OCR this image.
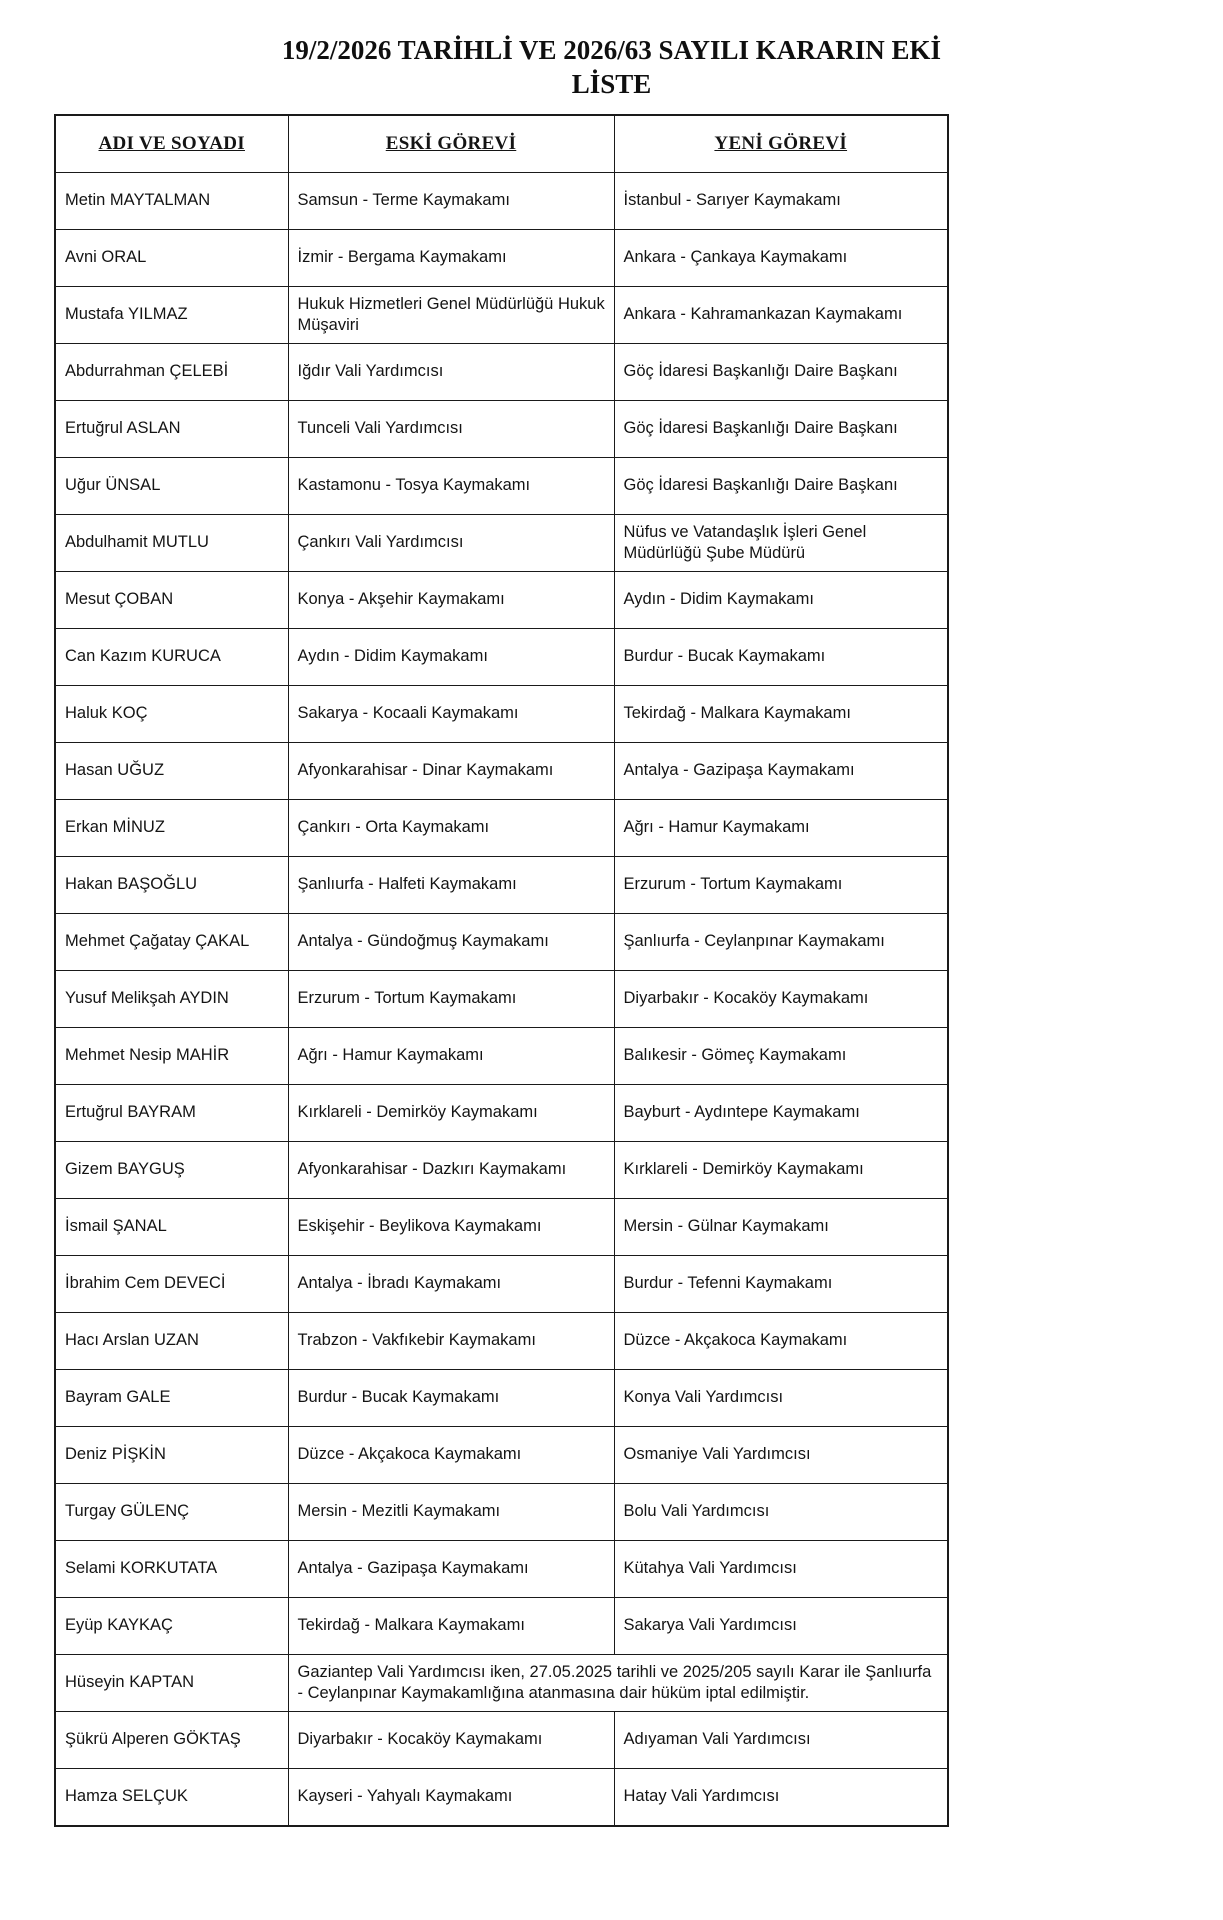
19/2/2026 TARİHLİ VE 2026/63 SAYILI KARARIN EKİ
LİSTE
ADI VE SOYADI	ESKİ GÖREVİ	YENİ GÖREVİ
Metin MAYTALMAN	Samsun - Terme Kaymakamı	İstanbul - Sarıyer Kaymakamı
Avni ORAL	İzmir - Bergama Kaymakamı	Ankara - Çankaya Kaymakamı
Mustafa YILMAZ	Hukuk Hizmetleri Genel Müdürlüğü Hukuk Müşaviri	Ankara - Kahramankazan Kaymakamı
Abdurrahman ÇELEBİ	Iğdır Vali Yardımcısı	Göç İdaresi Başkanlığı Daire Başkanı
Ertuğrul ASLAN	Tunceli Vali Yardımcısı	Göç İdaresi Başkanlığı Daire Başkanı
Uğur ÜNSAL	Kastamonu - Tosya Kaymakamı	Göç İdaresi Başkanlığı Daire Başkanı
Abdulhamit MUTLU	Çankırı Vali Yardımcısı	Nüfus ve Vatandaşlık İşleri Genel Müdürlüğü Şube Müdürü
Mesut ÇOBAN	Konya - Akşehir Kaymakamı	Aydın - Didim Kaymakamı
Can Kazım KURUCA	Aydın - Didim Kaymakamı	Burdur - Bucak Kaymakamı
Haluk KOÇ	Sakarya - Kocaali Kaymakamı	Tekirdağ - Malkara Kaymakamı
Hasan UĞUZ	Afyonkarahisar - Dinar Kaymakamı	Antalya - Gazipaşa Kaymakamı
Erkan MİNUZ	Çankırı - Orta Kaymakamı	Ağrı - Hamur Kaymakamı
Hakan BAŞOĞLU	Şanlıurfa - Halfeti Kaymakamı	Erzurum - Tortum Kaymakamı
Mehmet Çağatay ÇAKAL	Antalya - Gündoğmuş Kaymakamı	Şanlıurfa - Ceylanpınar Kaymakamı
Yusuf Melikşah AYDIN	Erzurum - Tortum Kaymakamı	Diyarbakır - Kocaköy Kaymakamı
Mehmet Nesip MAHİR	Ağrı - Hamur Kaymakamı	Balıkesir - Gömeç Kaymakamı
Ertuğrul BAYRAM	Kırklareli - Demirköy Kaymakamı	Bayburt - Aydıntepe Kaymakamı
Gizem BAYGUŞ	Afyonkarahisar - Dazkırı Kaymakamı	Kırklareli - Demirköy Kaymakamı
İsmail ŞANAL	Eskişehir - Beylikova Kaymakamı	Mersin - Gülnar Kaymakamı
İbrahim Cem DEVECİ	Antalya - İbradı Kaymakamı	Burdur - Tefenni Kaymakamı
Hacı Arslan UZAN	Trabzon - Vakfıkebir Kaymakamı	Düzce - Akçakoca Kaymakamı
Bayram GALE	Burdur - Bucak Kaymakamı	Konya Vali Yardımcısı
Deniz PİŞKİN	Düzce - Akçakoca Kaymakamı	Osmaniye Vali Yardımcısı
Turgay GÜLENÇ	Mersin - Mezitli Kaymakamı	Bolu Vali Yardımcısı
Selami KORKUTATA	Antalya - Gazipaşa Kaymakamı	Kütahya Vali Yardımcısı
Eyüp KAYKAÇ	Tekirdağ - Malkara Kaymakamı	Sakarya Vali Yardımcısı
Hüseyin KAPTAN	Gaziantep Vali Yardımcısı iken, 27.05.2025 tarihli ve 2025/205 sayılı Karar ile Şanlıurfa - Ceylanpınar Kaymakamlığına atanmasına dair hüküm iptal edilmiştir.	
Şükrü Alperen GÖKTAŞ	Diyarbakır - Kocaköy Kaymakamı	Adıyaman Vali Yardımcısı
Hamza SELÇUK	Kayseri - Yahyalı Kaymakamı	Hatay Vali Yardımcısı
